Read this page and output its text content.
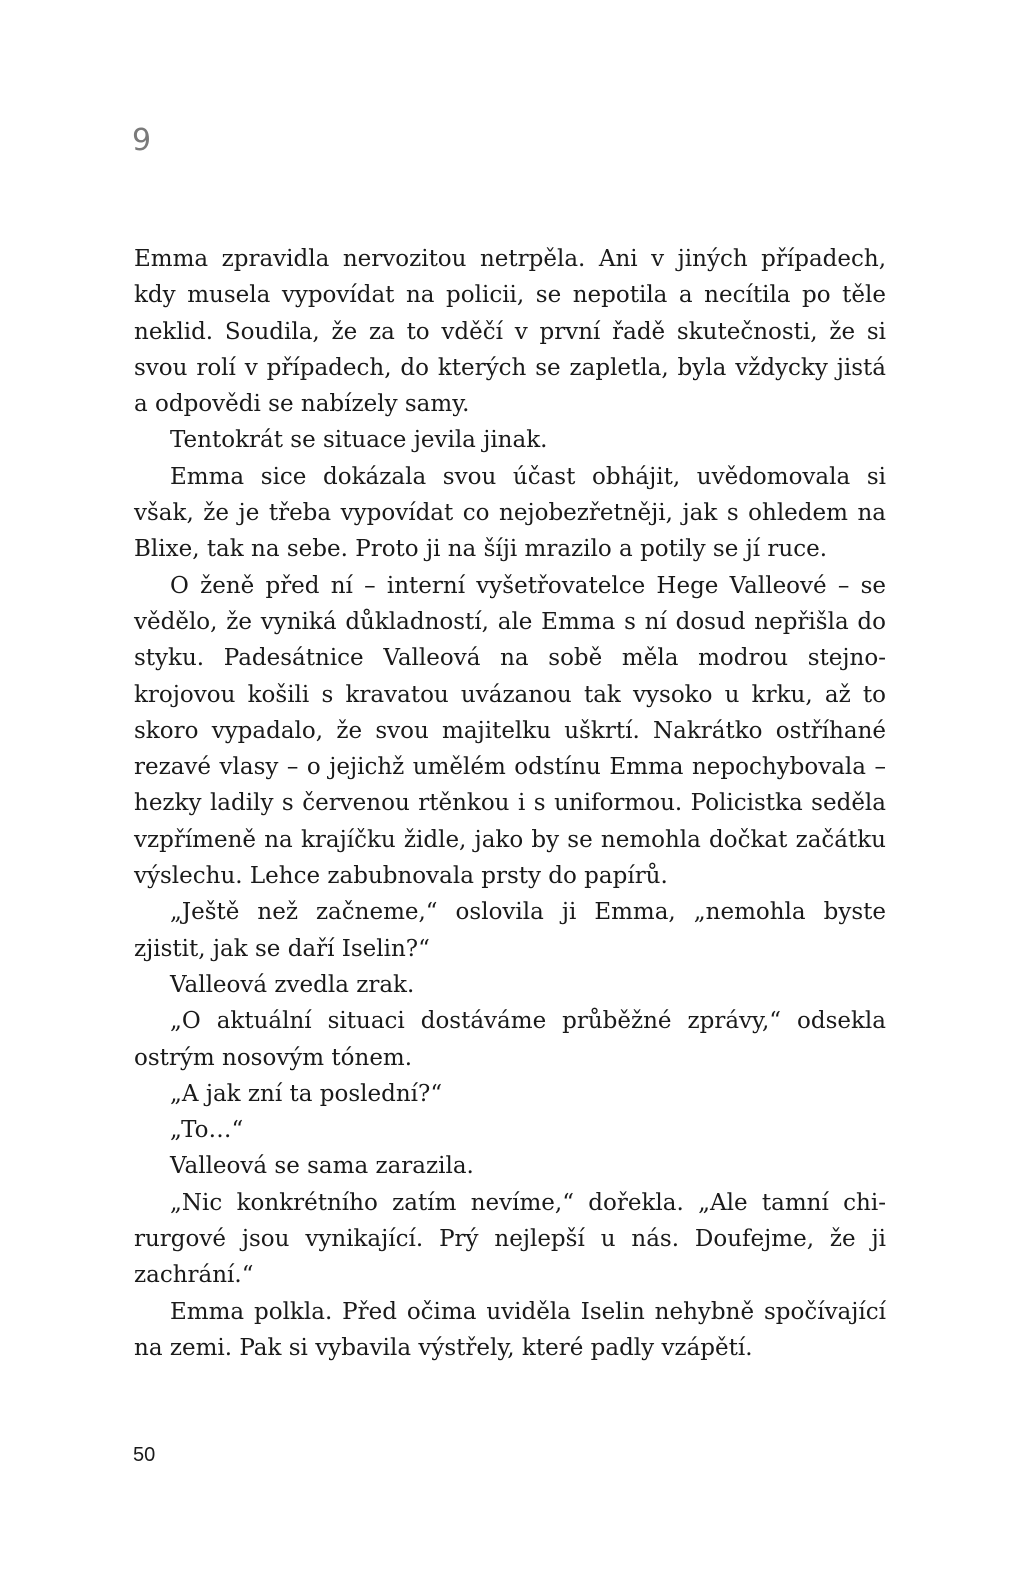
9

Emma zpravidla nervozitou netrpěla. Ani v jiných případech, kdy musela vypovídat na policii, se nepotila a necítila po těle neklid. Soudila, že za to vděčí v první řadě skutečnosti, že si svou rolí v případech, do kterých se zapletla, byla vždycky jistá a odpovědi se nabízely samy.

Tentokrát se situace jevila jinak.

Emma sice dokázala svou účast obhájit, uvědomovala si však, že je třeba vypovídat co nejobezřetněji, jak s ohledem na Blixe, tak na sebe. Proto ji na šíji mrazilo a potily se jí ruce.

O ženě před ní – interní vyšetřovatelce Hege Valleové – se vědělo, že vyniká důkladností, ale Emma s ní dosud nepřišla do styku. Padesátnice Valleová na sobě měla modrou stejnokrojovou košili s kravatou uvázanou tak vysoko u krku, až to skoro vypadalo, že svou majitelku uškrtí. Nakrátko ostříhané rezavé vlasy – o jejichž umělém odstínu Emma nepochybovala – hezky ladily s červenou rtěnkou i s uniformou. Policistka seděla vzpřímeně na krajíčku židle, jako by se nemohla dočkat začátku výslechu. Lehce zabubnovala prsty do papírů.

„Ještě než začneme,“ oslovila ji Emma, „nemohla byste zjistit, jak se daří Iselin?“

Valleová zvedla zrak.

„O aktuální situaci dostáváme průběžné zprávy,“ odsekla ostrým nosovým tónem.

„A jak zní ta poslední?“

„To…“

Valleová se sama zarazila.

„Nic konkrétního zatím nevíme,“ dořekla. „Ale tamní chirurgové jsou vynikající. Prý nejlepší u nás. Doufejme, že ji zachrání.“

Emma polkla. Před očima uviděla Iselin nehybně spočívající na zemi. Pak si vybavila výstřely, které padly vzápětí.

50
